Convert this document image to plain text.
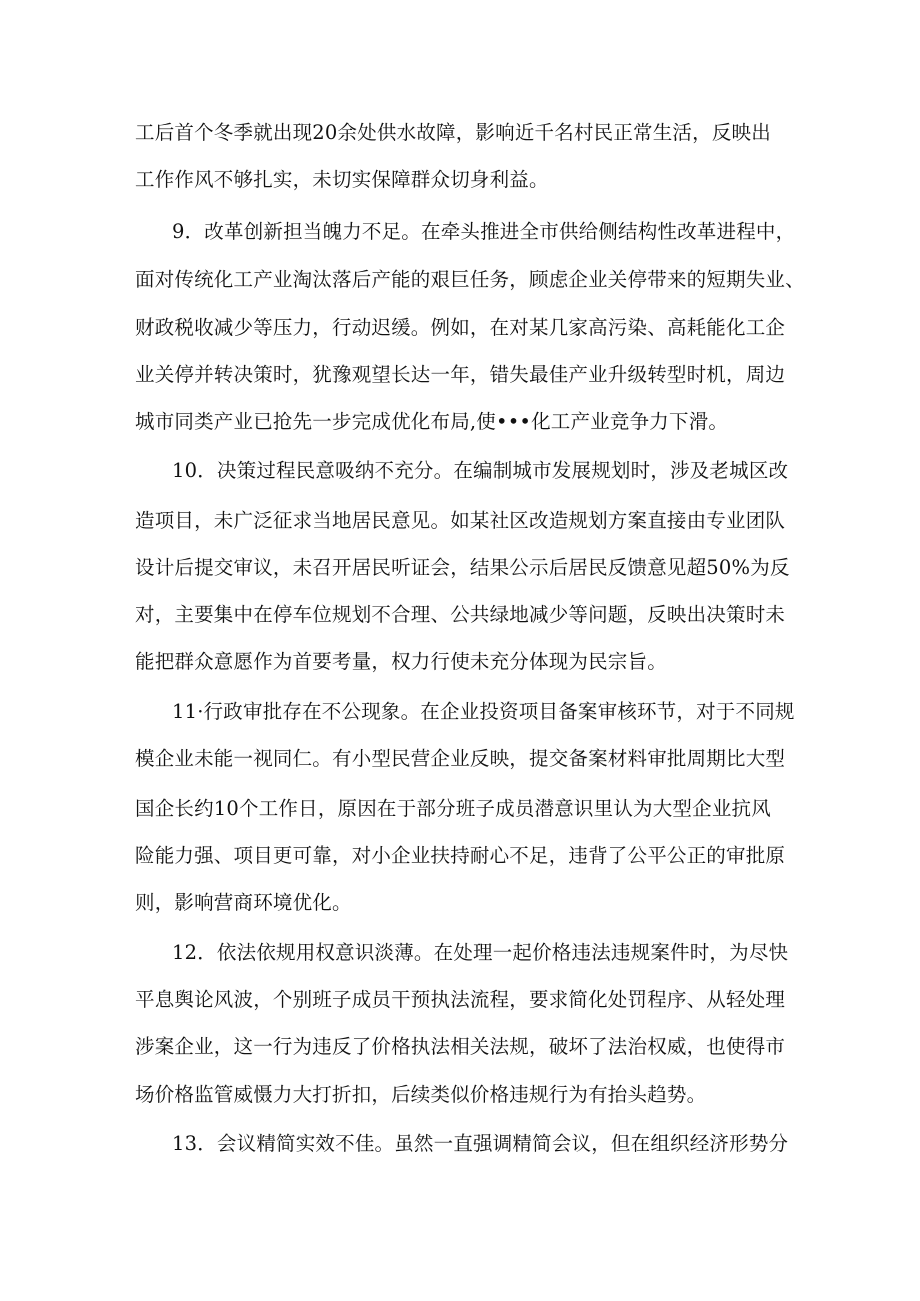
工后首个冬季就出现20余处供水故障，影响近千名村民正常生活，反映出

工作作风不够扎实，未切实保障群众切身利益。

9．改革创新担当魄力不足。在牵头推进全市供给侧结构性改革进程中，

面对传统化工产业淘汰落后产能的艰巨任务，顾虑企业关停带来的短期失业、

财政税收减少等压力，行动迟缓。例如，在对某几家高污染、高耗能化工企

业关停并转决策时，犹豫观望长达一年，错失最佳产业升级转型时机，周边

城市同类产业已抢先一步完成优化布局,使•••化工产业竞争力下滑。

10．决策过程民意吸纳不充分。在编制城市发展规划时，涉及老城区改

造项目，未广泛征求当地居民意见。如某社区改造规划方案直接由专业团队

设计后提交审议，未召开居民听证会，结果公示后居民反馈意见超50%为反

对，主要集中在停车位规划不合理、公共绿地减少等问题，反映出决策时未

能把群众意愿作为首要考量，权力行使未充分体现为民宗旨。

11·行政审批存在不公现象。在企业投资项目备案审核环节，对于不同规

模企业未能一视同仁。有小型民营企业反映，提交备案材料审批周期比大型

国企长约10个工作日，原因在于部分班子成员潜意识里认为大型企业抗风

险能力强、项目更可靠，对小企业扶持耐心不足，违背了公平公正的审批原

则，影响营商环境优化。

12．依法依规用权意识淡薄。在处理一起价格违法违规案件时，为尽快

平息舆论风波，个别班子成员干预执法流程，要求简化处罚程序、从轻处理

涉案企业，这一行为违反了价格执法相关法规，破坏了法治权威，也使得市

场价格监管威慑力大打折扣，后续类似价格违规行为有抬头趋势。

13．会议精简实效不佳。虽然一直强调精简会议，但在组织经济形势分
